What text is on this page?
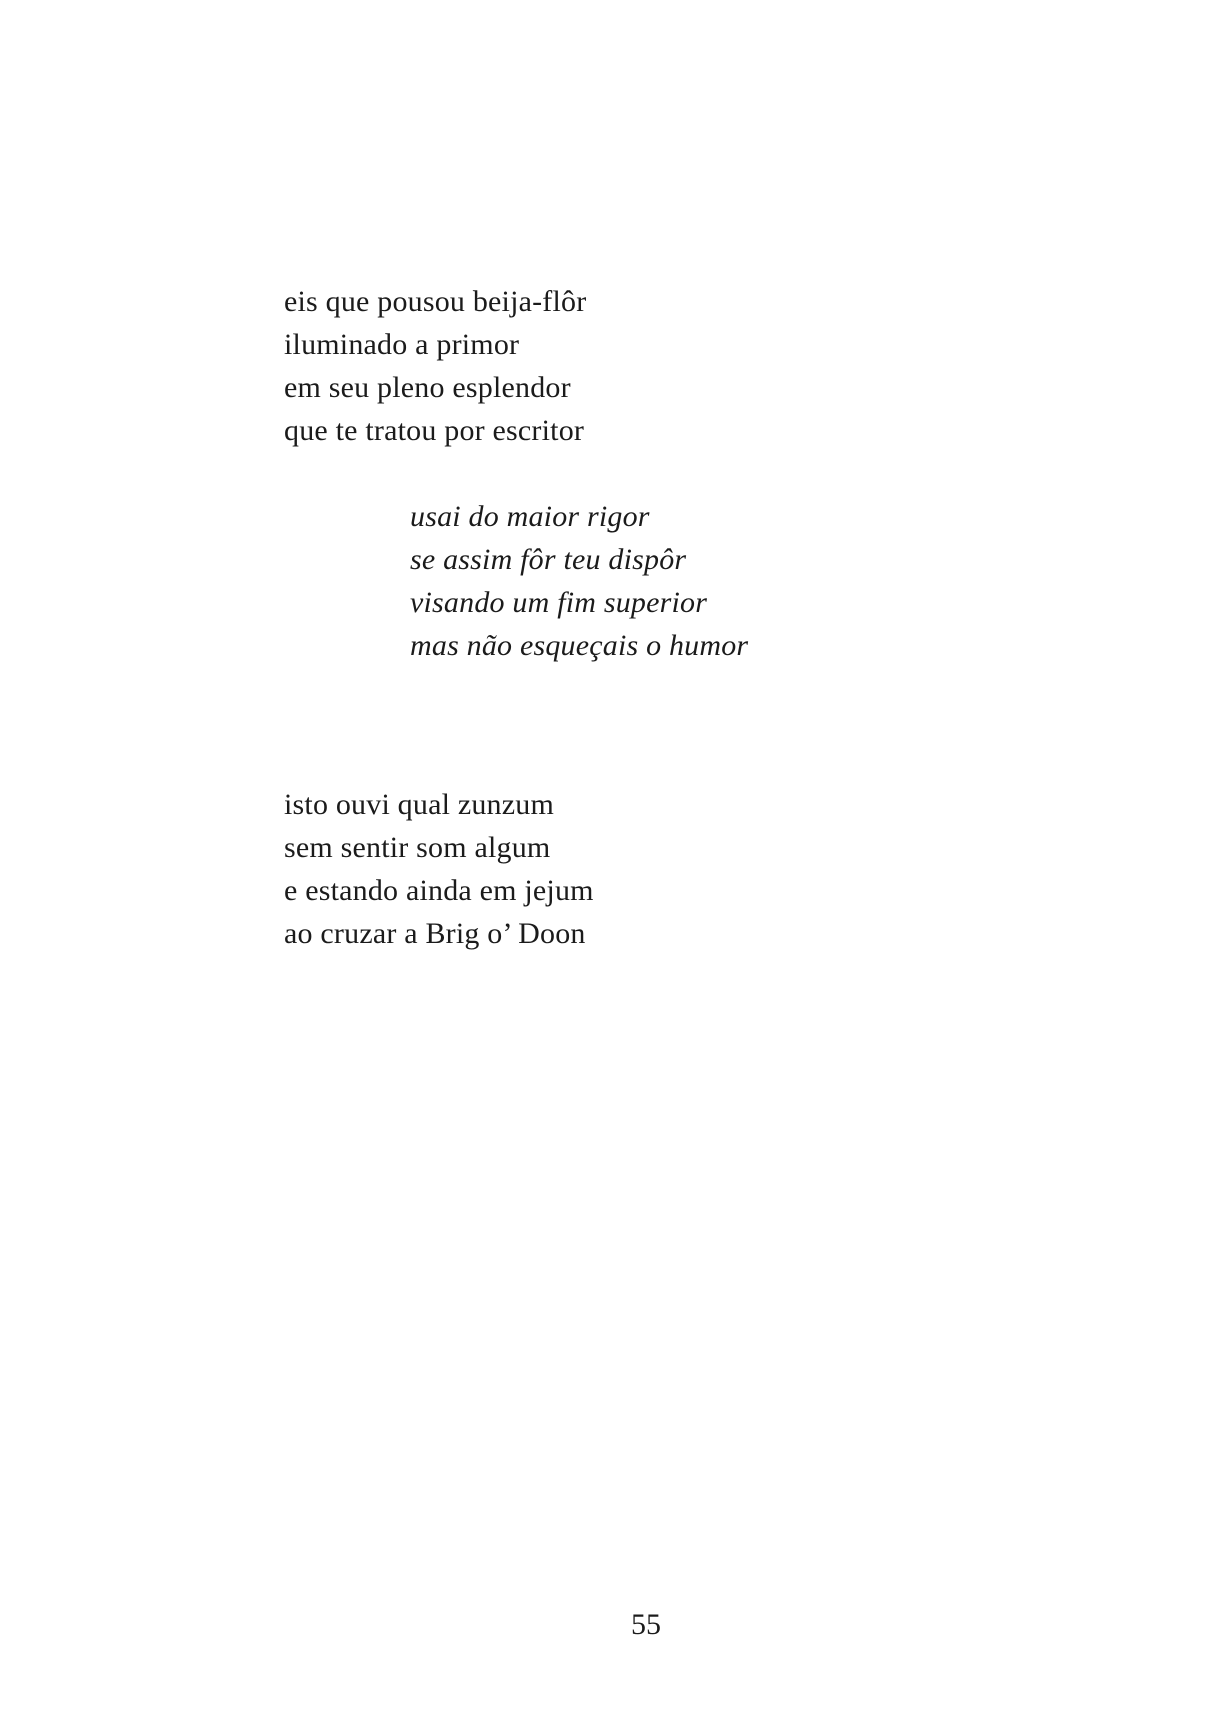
eis que pousou beija-flôr
iluminado a primor
em seu pleno esplendor
que te tratou por escritor
usai do maior rigor
se assim fôr teu dispôr
visando um fim superior
mas não esqueçais o humor
isto ouvi qual zunzum
sem sentir som algum
e estando ainda em jejum
ao cruzar a Brig o’ Doon
55
